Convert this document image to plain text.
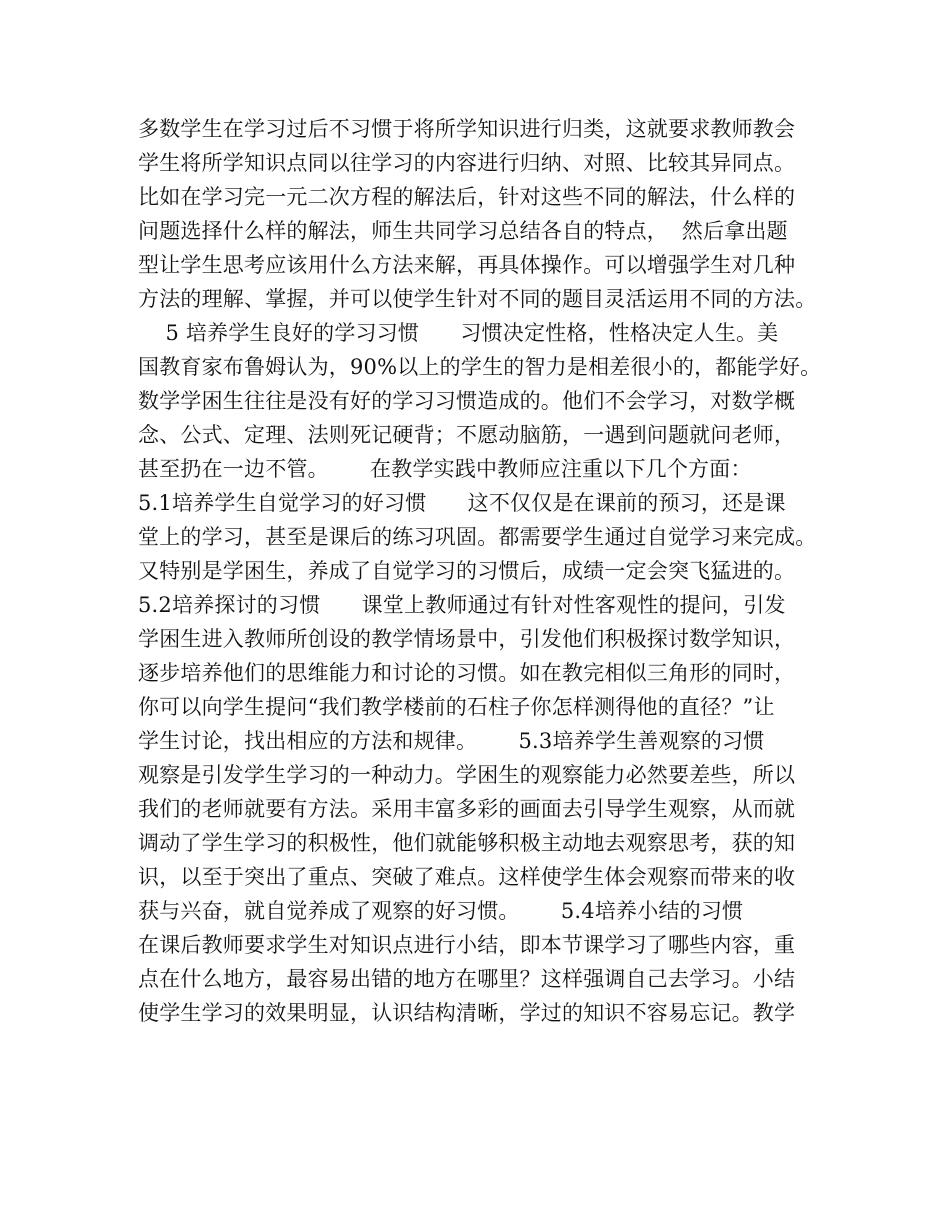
多数学生在学习过后不习惯于将所学知识进行归类，这就要求教师教会
学生将所学知识点同以往学习的内容进行归纳、对照、比较其异同点。
比如在学习完一元二次方程的解法后，针对这些不同的解法，什么样的
问题选择什么样的解法，师生共同学习总结各自的特点，  然后拿出题
型让学生思考应该用什么方法来解，再具体操作。可以增强学生对几种
方法的理解、掌握，并可以使学生针对不同的题目灵活运用不同的方法。
5 培养学生良好的学习习惯      习惯决定性格，性格决定人生。美
国教育家布鲁姆认为，90%以上的学生的智力是相差很小的，都能学好。
数学学困生往往是没有好的学习习惯造成的。他们不会学习，对数学概
念、公式、定理、法则死记硬背；不愿动脑筋，一遇到问题就问老师，
甚至扔在一边不管。      在教学实践中教师应注重以下几个方面：
5.1培养学生自觉学习的好习惯      这不仅仅是在课前的预习，还是课
堂上的学习，甚至是课后的练习巩固。都需要学生通过自觉学习来完成。
又特别是学困生，养成了自觉学习的习惯后，成绩一定会突飞猛进的。
5.2培养探讨的习惯      课堂上教师通过有针对性客观性的提问，引发
学困生进入教师所创设的教学情场景中，引发他们积极探讨数学知识，
逐步培养他们的思维能力和讨论的习惯。如在教完相似三角形的同时，
你可以向学生提问“我们教学楼前的石柱子你怎样测得他的直径？”让
学生讨论，找出相应的方法和规律。      5.3培养学生善观察的习惯
观察是引发学生学习的一种动力。学困生的观察能力必然要差些，所以
我们的老师就要有方法。采用丰富多彩的画面去引导学生观察，从而就
调动了学生学习的积极性，他们就能够积极主动地去观察思考，获的知
识，以至于突出了重点、突破了难点。这样使学生体会观察而带来的收
获与兴奋，就自觉养成了观察的好习惯。      5.4培养小结的习惯
在课后教师要求学生对知识点进行小结，即本节课学习了哪些内容，重
点在什么地方，最容易出错的地方在哪里？这样强调自己去学习。小结
使学生学习的效果明显，认识结构清晰，学过的知识不容易忘记。教学
